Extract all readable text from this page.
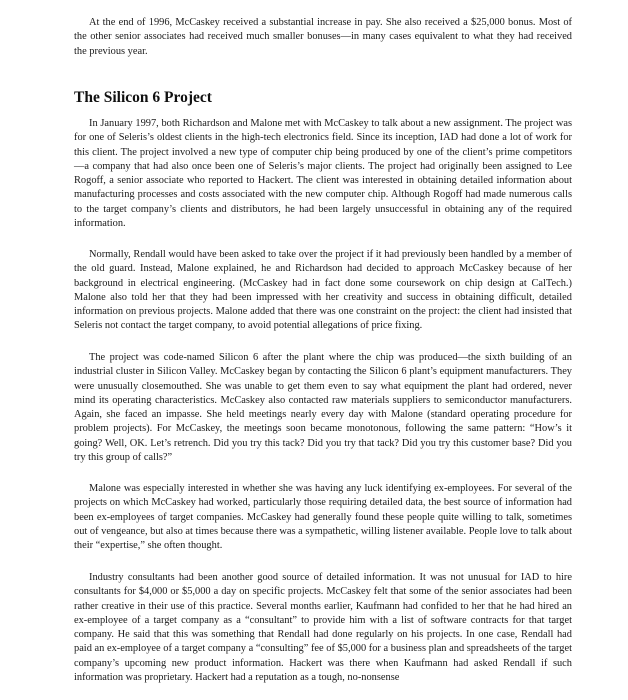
At the end of 1996, McCaskey received a substantial increase in pay. She also received a $25,000 bonus. Most of the other senior associates had received much smaller bonuses—in many cases equivalent to what they had received the previous year.

The Silicon 6 Project

In January 1997, both Richardson and Malone met with McCaskey to talk about a new assignment. The project was for one of Seleris’s oldest clients in the high-tech electronics field. Since its inception, IAD had done a lot of work for this client. The project involved a new type of computer chip being produced by one of the client’s prime competitors—a company that had also once been one of Seleris’s major clients. The project had originally been assigned to Lee Rogoff, a senior associate who reported to Hackert. The client was interested in obtaining detailed information about manufacturing processes and costs associated with the new computer chip. Although Rogoff had made numerous calls to the target company’s clients and distributors, he had been largely unsuccessful in obtaining any of the required information.

Normally, Rendall would have been asked to take over the project if it had previously been handled by a member of the old guard. Instead, Malone explained, he and Richardson had decided to approach McCaskey because of her background in electrical engineering. (McCaskey had in fact done some coursework on chip design at CalTech.) Malone also told her that they had been impressed with her creativity and success in obtaining difficult, detailed information on previous projects. Malone added that there was one constraint on the project: the client had insisted that Seleris not contact the target company, to avoid potential allegations of price fixing.

The project was code-named Silicon 6 after the plant where the chip was produced—the sixth building of an industrial cluster in Silicon Valley. McCaskey began by contacting the Silicon 6 plant’s equipment manufacturers. They were unusually closemouthed. She was unable to get them even to say what equipment the plant had ordered, never mind its operating characteristics. McCaskey also contacted raw materials suppliers to semiconductor manufacturers. Again, she faced an impasse. She held meetings nearly every day with Malone (standard operating procedure for problem projects). For McCaskey, the meetings soon became monotonous, following the same pattern: “How’s it going? Well, OK. Let’s retrench. Did you try this tack? Did you try that tack? Did you try this customer base? Did you try this group of calls?”

Malone was especially interested in whether she was having any luck identifying ex-employees. For several of the projects on which McCaskey had worked, particularly those requiring detailed data, the best source of information had been ex-employees of target companies. McCaskey had generally found these people quite willing to talk, sometimes out of vengeance, but also at times because there was a sympathetic, willing listener available. People love to talk about their “expertise,” she often thought.

Industry consultants had been another good source of detailed information. It was not unusual for IAD to hire consultants for $4,000 or $5,000 a day on specific projects. McCaskey felt that some of the senior associates had been rather creative in their use of this practice. Several months earlier, Kaufmann had confided to her that he had hired an ex-employee of a target company as a “consultant” to provide him with a list of software contracts for that target company. He said that this was something that Rendall had done regularly on his projects. In one case, Rendall had paid an ex-employee of a target company a “consulting” fee of $5,000 for a business plan and spreadsheets of the target company’s upcoming new product information. Hackert was there when Kaufmann had asked Rendall if such information was proprietary. Hackert had a reputation as a tough, no-nonsense
